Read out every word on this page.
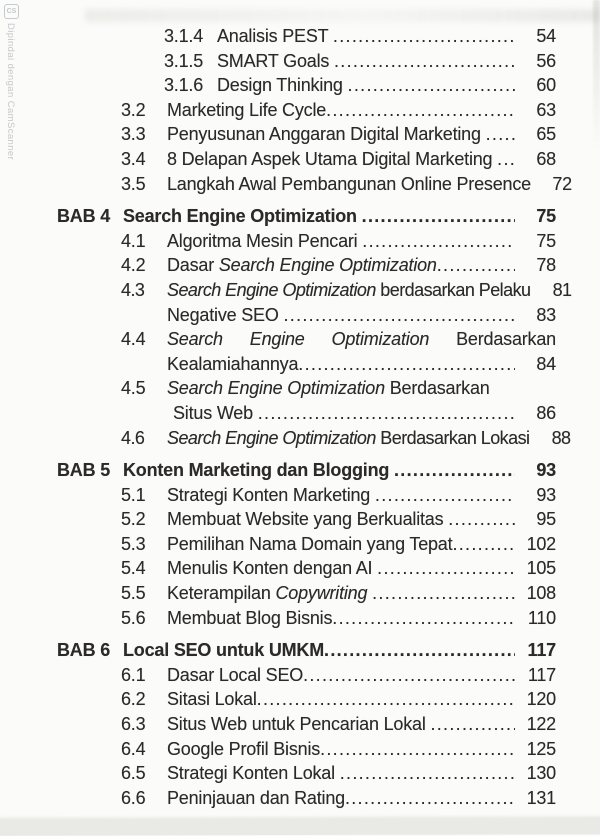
CS
Dipindai dengan CamScanner	3.1.4 Analisis PEST .....	54
3.1.5 SMART Goals .....	56
3.1.6 Design Thinking .....	60
3.2	Marketing Life Cycle .....	63
3.3	Penyusunan Anggaran Digital Marketing .....	65
3.4	8 Delapan Aspek Utama Digital Marketing .....	68
3.5	Langkah Awal Pembangunan Online Presence	72
BAB 4 Search Engine Optimization .....	75
4.1	Algoritma Mesin Pencari .....	75
4.2	Dasar Search Engine Optimization .....	78
4.3	Search Engine Optimization berdasarkan Pelaku	81
Negative SEO .....	83
4.4	Search Engine Optimization Berdasarkan
Kealamiahannya .....	84
4.5	Search Engine Optimization Berdasarkan
Situs Web .....	86
4.6	Search Engine Optimization Berdasarkan Lokasi	88
BAB 5 Konten Marketing dan Blogging .....	93
5.1	Strategi Konten Marketing .....	93
5.2	Membuat Website yang Berkualitas .....	95
5.3	Pemilihan Nama Domain yang Tepat .....	102
5.4	Menulis Konten dengan AI .....	105
5.5	Keterampilan Copywriting .....	108
5.6	Membuat Blog Bisnis .....	110
BAB 6 Local SEO untuk UMKM .....	117
6.1	Dasar Local SEO .....	117
6.2	Sitasi Lokal .....	120
6.3	Situs Web untuk Pencarian Lokal .....	122
6.4	Google Profil Bisnis .....	125
6.5	Strategi Konten Lokal .....	130
6.6	Peninjauan dan Rating .....	131
